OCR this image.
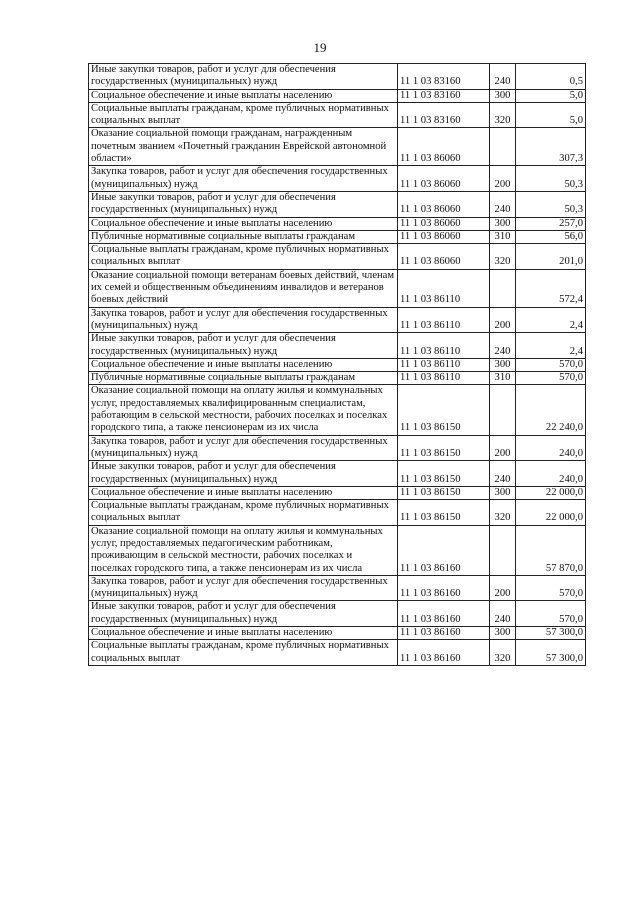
19
Иные закупки товаров, работ и услуг для обеспечения государственных (муниципальных) нужд	11 1 03 83160	240	0,5
Социальное обеспечение и иные выплаты населению	11 1 03 83160	300	5,0
Социальные выплаты гражданам, кроме публичных нормативных социальных выплат	11 1 03 83160	320	5,0
Оказание социальной помощи гражданам, награжденным почетным званием «Почетный гражданин Еврейской автономной области»	11 1 03 86060		307,3
Закупка товаров, работ и услуг для обеспечения государственных (муниципальных) нужд	11 1 03 86060	200	50,3
Иные закупки товаров, работ и услуг для обеспечения государственных (муниципальных) нужд	11 1 03 86060	240	50,3
Социальное обеспечение и иные выплаты населению	11 1 03 86060	300	257,0
Публичные нормативные социальные выплаты гражданам	11 1 03 86060	310	56,0
Социальные выплаты гражданам, кроме публичных нормативных социальных выплат	11 1 03 86060	320	201,0
Оказание социальной помощи ветеранам боевых действий, членам их семей и общественным объединениям инвалидов и ветеранов боевых действий	11 1 03 86110		572,4
Закупка товаров, работ и услуг для обеспечения государственных (муниципальных) нужд	11 1 03 86110	200	2,4
Иные закупки товаров, работ и услуг для обеспечения государственных (муниципальных) нужд	11 1 03 86110	240	2,4
Социальное обеспечение и иные выплаты населению	11 1 03 86110	300	570,0
Публичные нормативные социальные выплаты гражданам	11 1 03 86110	310	570,0
Оказание социальной помощи на оплату жилья и коммунальных услуг, предоставляемых квалифицированным специалистам, работающим в сельской местности, рабочих поселках и поселках городского типа, а также пенсионерам из их числа	11 1 03 86150		22 240,0
Закупка товаров, работ и услуг для обеспечения государственных (муниципальных) нужд	11 1 03 86150	200	240,0
Иные закупки товаров, работ и услуг для обеспечения государственных (муниципальных) нужд	11 1 03 86150	240	240,0
Социальное обеспечение и иные выплаты населению	11 1 03 86150	300	22 000,0
Социальные выплаты гражданам, кроме публичных нормативных социальных выплат	11 1 03 86150	320	22 000,0
Оказание социальной помощи на оплату жилья и коммунальных услуг, предоставляемых педагогическим работникам, проживающим в сельской местности, рабочих поселках и поселках городского типа, а также пенсионерам из их числа	11 1 03 86160		57 870,0
Закупка товаров, работ и услуг для обеспечения государственных (муниципальных) нужд	11 1 03 86160	200	570,0
Иные закупки товаров, работ и услуг для обеспечения государственных (муниципальных) нужд	11 1 03 86160	240	570,0
Социальное обеспечение и иные выплаты населению	11 1 03 86160	300	57 300,0
Социальные выплаты гражданам, кроме публичных нормативных социальных выплат	11 1 03 86160	320	57 300,0
